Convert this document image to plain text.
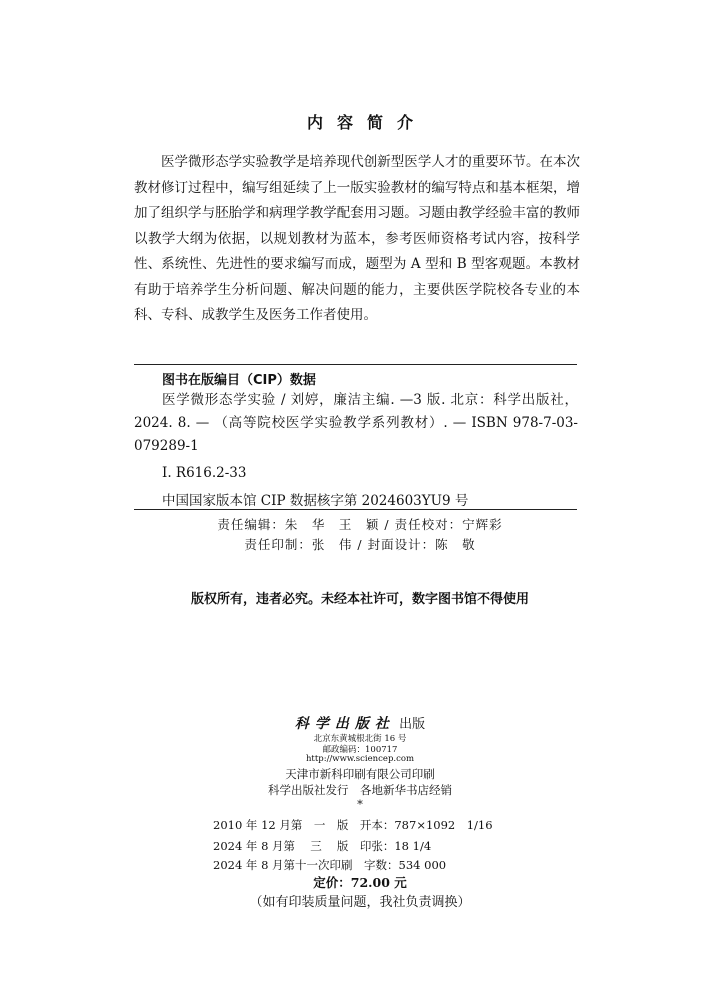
内容简介
医学微形态学实验教学是培养现代创新型医学人才的重要环节。在本次教材修订过程中，编写组延续了上一版实验教材的编写特点和基本框架，增加了组织学与胚胎学和病理学教学配套用习题。习题由教学经验丰富的教师以教学大纲为依据，以规划教材为蓝本，参考医师资格考试内容，按科学性、系统性、先进性的要求编写而成，题型为 A 型和 B 型客观题。本教材有助于培养学生分析问题、解决问题的能力，主要供医学院校各专业的本科、专科、成教学生及医务工作者使用。
图书在版编目（CIP）数据
医学微形态学实验 / 刘婷，廉洁主编. —3 版. 北京：科学出版社，2024. 8. — （高等院校医学实验教学系列教材）. — ISBN 978-7-03-079289-1
Ⅰ. R616.2-33
中国国家版本馆 CIP 数据核字第 2024603YU9 号
责任编辑：朱　华　王　颖 / 责任校对：宁辉彩
责任印制：张　伟 / 封面设计：陈　敬
版权所有，违者必究。未经本社许可，数字图书馆不得使用
科学出版社 出版
北京东黄城根北街 16 号
邮政编码：100717
http://www.sciencep.com
天津市新科印刷有限公司印刷
科学出版社发行　各地新华书店经销
*
2010 年 12 月第　一　版　开本：787×1092　1/16
2024 年 8 月第　 三　 版　印张：18 1/4
2024 年 8 月第十一次印刷　字数：534 000
定价：72.00 元
（如有印装质量问题，我社负责调换）
